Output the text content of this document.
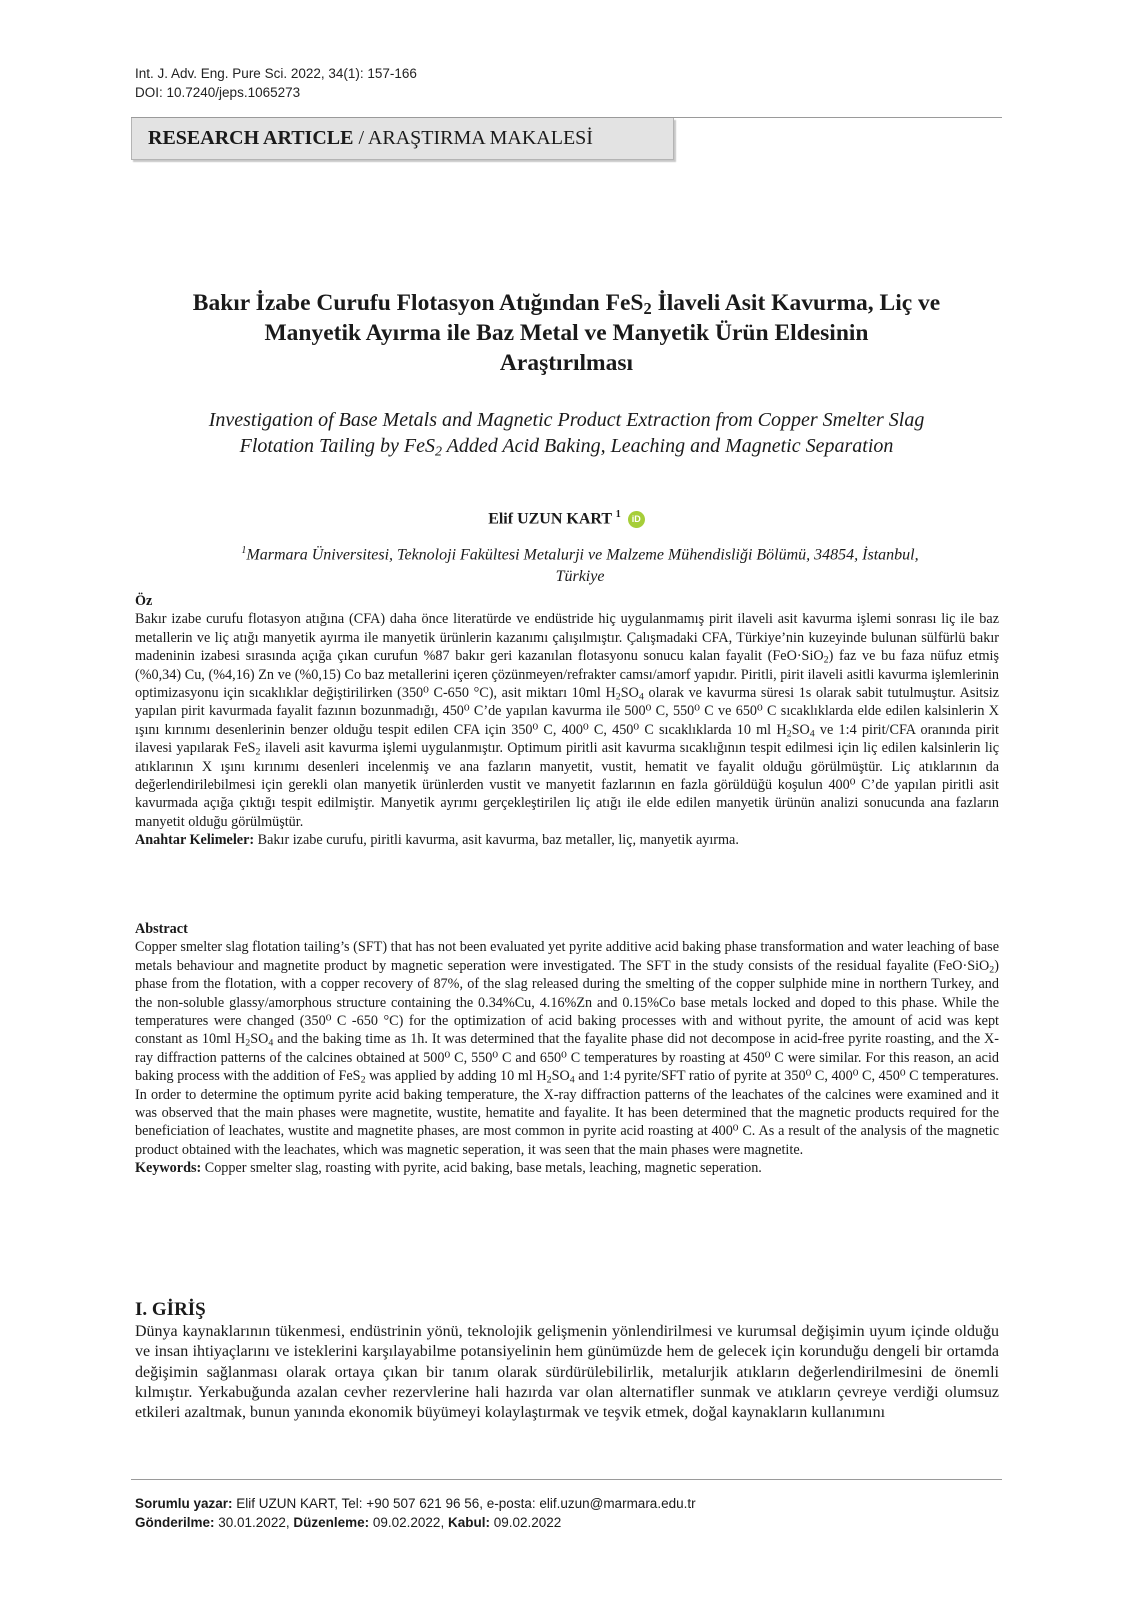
Int. J. Adv. Eng. Pure Sci. 2022, 34(1): 157-166
DOI: 10.7240/jeps.1065273
RESEARCH ARTICLE / ARAŞTIRMA MAKALESİ
Bakır İzabe Curufu Flotasyon Atığından FeS$_2$ İlaveli Asit Kavurma, Liç ve
Manyetik Ayırma ile Baz Metal ve Manyetik Ürün Eldesinin
Araştırılması
Investigation of Base Metals and Magnetic Product Extraction from Copper Smelter Slag
Flotation Tailing by FeS$_2$ Added Acid Baking, Leaching and Magnetic Separation
Elif UZUN KART $^1$ iD
$^1$Marmara Üniversitesi, Teknoloji Fakültesi Metalurji ve Malzeme Mühendisliği Bölümü, 34854, İstanbul,
Türkiye
Öz

Bakır izabe curufu flotasyon atığına (CFA) daha önce literatürde ve endüstride hiç uygulanmamış pirit ilaveli asit kavurma işlemi sonrası liç ile baz metallerin ve liç atığı manyetik ayırma ile manyetik ürünlerin kazanımı çalışılmıştır. Çalışmadaki CFA, Türkiye’nin kuzeyinde bulunan sülfürlü bakır madeninin izabesi sırasında açığa çıkan curufun %87 bakır geri kazanılan flotasyonu sonucu kalan fayalit (FeO·SiO$_2$) faz ve bu faza nüfuz etmiş (%0,34) Cu, (%4,16) Zn ve (%0,15) Co baz metallerini içeren çözünmeyen/refrakter camsı/amorf yapıdır. Piritli, pirit ilaveli asitli kavurma işlemlerinin optimizasyonu için sıcaklıklar değiştirilirken (350⁰ C-650 °C), asit miktarı 10ml $H_2SO_4$ olarak ve kavurma süresi 1s olarak sabit tutulmuştur. Asitsiz yapılan pirit kavurmada fayalit fazının bozunmadığı, 450⁰ C’de yapılan kavurma ile 500⁰ C, 550⁰ C ve 650⁰ C sıcaklıklarda elde edilen kalsinlerin X ışını kırınımı desenlerinin benzer olduğu tespit edilen CFA için 350⁰ C, 400⁰ C, 450⁰ C sıcaklıklarda 10 ml $H_2SO_4$ ve 1:4 pirit/CFA oranında pirit ilavesi yapılarak FeS$_2$ ilaveli asit kavurma işlemi uygulanmıştır. Optimum piritli asit kavurma sıcaklığının tespit edilmesi için liç edilen kalsinlerin liç atıklarının X ışını kırınımı desenleri incelenmiş ve ana fazların manyetit, vustit, hematit ve fayalit olduğu görülmüştür. Liç atıklarının da değerlendirilebilmesi için gerekli olan manyetik ürünlerden vustit ve manyetit fazlarının en fazla görüldüğü koşulun 400⁰ C’de yapılan piritli asit kavurmada açığa çıktığı tespit edilmiştir. Manyetik ayrımı gerçekleştirilen liç atığı ile elde edilen manyetik ürünün analizi sonucunda ana fazların manyetit olduğu görülmüştür.

Anahtar Kelimeler: Bakır izabe curufu, piritli kavurma, asit kavurma, baz metaller, liç, manyetik ayırma.

Abstract

Copper smelter slag flotation tailing’s (SFT) that has not been evaluated yet pyrite additive acid baking phase transformation and water leaching of base metals behaviour and magnetite product by magnetic seperation were investigated. The SFT in the study consists of the residual fayalite (FeO·SiO$_2$) phase from the flotation, with a copper recovery of 87%, of the slag released during the smelting of the copper sulphide mine in northern Turkey, and the non-soluble glassy/amorphous structure containing the 0.34%Cu, 4.16%Zn and 0.15%Co base metals locked and doped to this phase. While the temperatures were changed (350⁰ C -650 °C) for the optimization of acid baking processes with and without pyrite, the amount of acid was kept constant as 10ml $H_2SO_4$ and the baking time as 1h. It was determined that the fayalite phase did not decompose in acid-free pyrite roasting, and the X-ray diffraction patterns of the calcines obtained at 500⁰ C, 550⁰ C and 650⁰ C temperatures by roasting at 450⁰ C were similar. For this reason, an acid baking process with the addition of FeS$_2$ was applied by adding 10 ml $H_2SO_4$ and 1:4 pyrite/SFT ratio of pyrite at 350⁰ C, 400⁰ C, 450⁰ C temperatures. In order to determine the optimum pyrite acid baking temperature, the X-ray diffraction patterns of the leachates of the calcines were examined and it was observed that the main phases were magnetite, wustite, hematite and fayalite. It has been determined that the magnetic products required for the beneficiation of leachates, wustite and magnetite phases, are most common in pyrite acid roasting at 400⁰ C. As a result of the analysis of the magnetic product obtained with the leachates, which was magnetic seperation, it was seen that the main phases were magnetite.

Keywords: Copper smelter slag, roasting with pyrite, acid baking, base metals, leaching, magnetic seperation.

I. GİRİŞ
Dünya kaynaklarının tükenmesi, endüstrinin yönü, teknolojik gelişmenin yönlendirilmesi ve kurumsal değişimin uyum içinde olduğu ve insan ihtiyaçlarını ve isteklerini karşılayabilme potansiyelinin hem günümüzde hem de gelecek için korunduğu dengeli bir ortamda değişimin sağlanması olarak ortaya çıkan bir tanım olarak sürdürülebilirlik, metalurjik atıkların değerlendirilmesini de önemli kılmıştır. Yerkabuğunda azalan cevher rezervlerine hali hazırda var olan alternatifler sunmak ve atıkların çevreye verdiği olumsuz etkileri azaltmak, bunun yanında ekonomik büyümeyi kolaylaştırmak ve teşvik etmek, doğal kaynakların kullanımını
Sorumlu yazar: Elif UZUN KART, Tel: +90 507 621 96 56, e-posta: elif.uzun@marmara.edu.tr
Gönderilme: 30.01.2022, Düzenleme: 09.02.2022, Kabul: 09.02.2022
